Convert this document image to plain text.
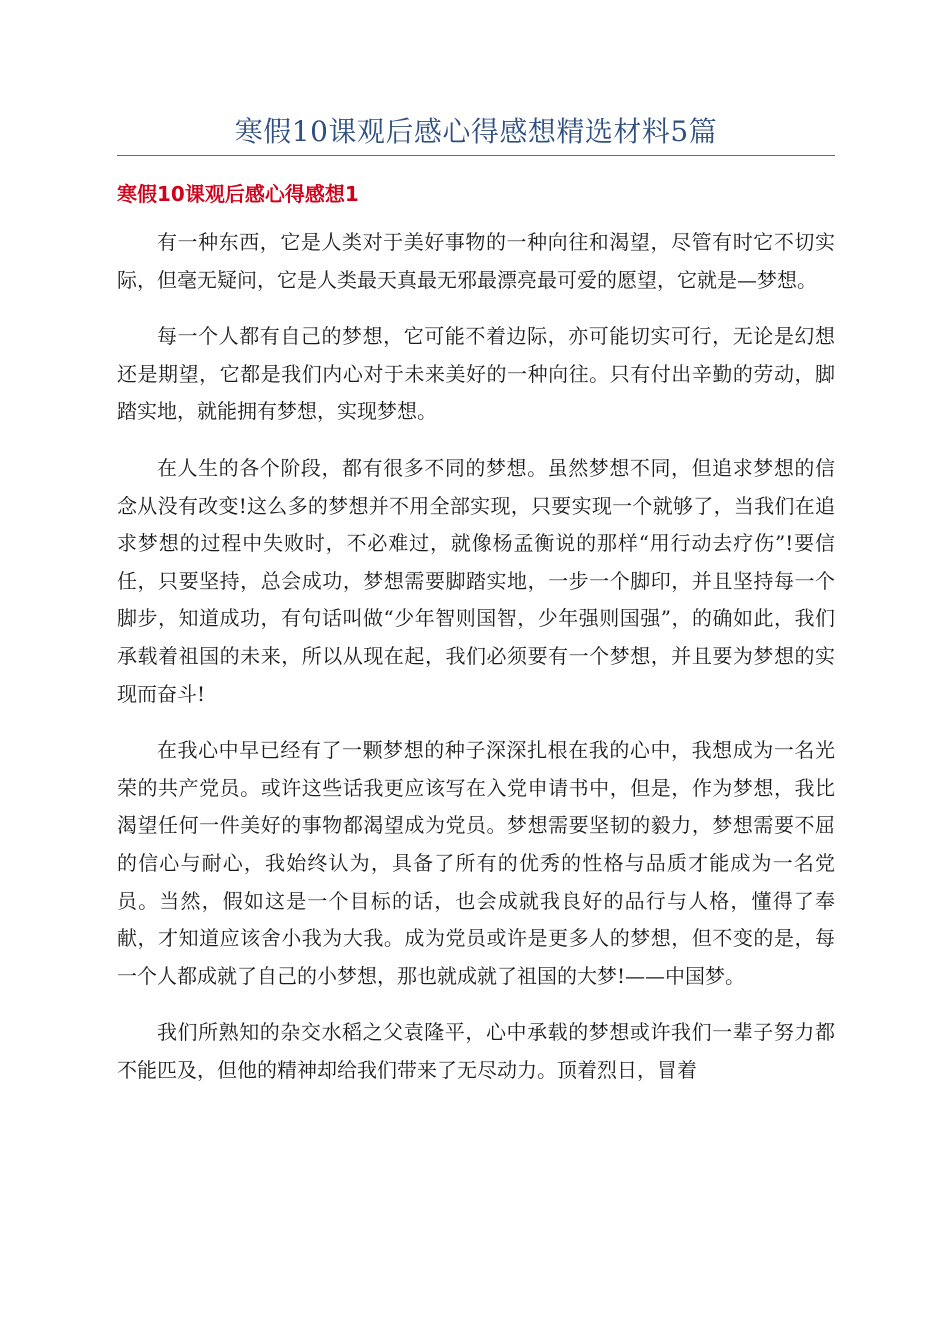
寒假10课观后感心得感想精选材料5篇
寒假10课观后感心得感想1

有一种东西，它是人类对于美好事物的一种向往和渴望，尽管有时它不切实际，但毫无疑问，它是人类最天真最无邪最漂亮最可爱的愿望，它就是—梦想。

每一个人都有自己的梦想，它可能不着边际，亦可能切实可行，无论是幻想还是期望，它都是我们内心对于未来美好的一种向往。只有付出辛勤的劳动，脚踏实地，就能拥有梦想，实现梦想。

在人生的各个阶段，都有很多不同的梦想。虽然梦想不同，但追求梦想的信念从没有改变!这么多的梦想并不用全部实现，只要实现一个就够了，当我们在追求梦想的过程中失败时，不必难过，就像杨孟衡说的那样“用行动去疗伤”!要信任，只要坚持，总会成功，梦想需要脚踏实地，一步一个脚印，并且坚持每一个脚步，知道成功，有句话叫做“少年智则国智，少年强则国强”，的确如此，我们承载着祖国的未来，所以从现在起，我们必须要有一个梦想，并且要为梦想的实现而奋斗!

在我心中早已经有了一颗梦想的种子深深扎根在我的心中，我想成为一名光荣的共产党员。或许这些话我更应该写在入党申请书中，但是，作为梦想，我比渴望任何一件美好的事物都渴望成为党员。梦想需要坚韧的毅力，梦想需要不屈的信心与耐心，我始终认为，具备了所有的优秀的性格与品质才能成为一名党员。当然，假如这是一个目标的话，也会成就我良好的品行与人格，懂得了奉献，才知道应该舍小我为大我。成为党员或许是更多人的梦想，但不变的是，每一个人都成就了自己的小梦想，那也就成就了祖国的大梦!——中国梦。

我们所熟知的杂交水稻之父袁隆平，心中承载的梦想或许我们一辈子努力都不能匹及，但他的精神却给我们带来了无尽动力。顶着烈日，冒着
